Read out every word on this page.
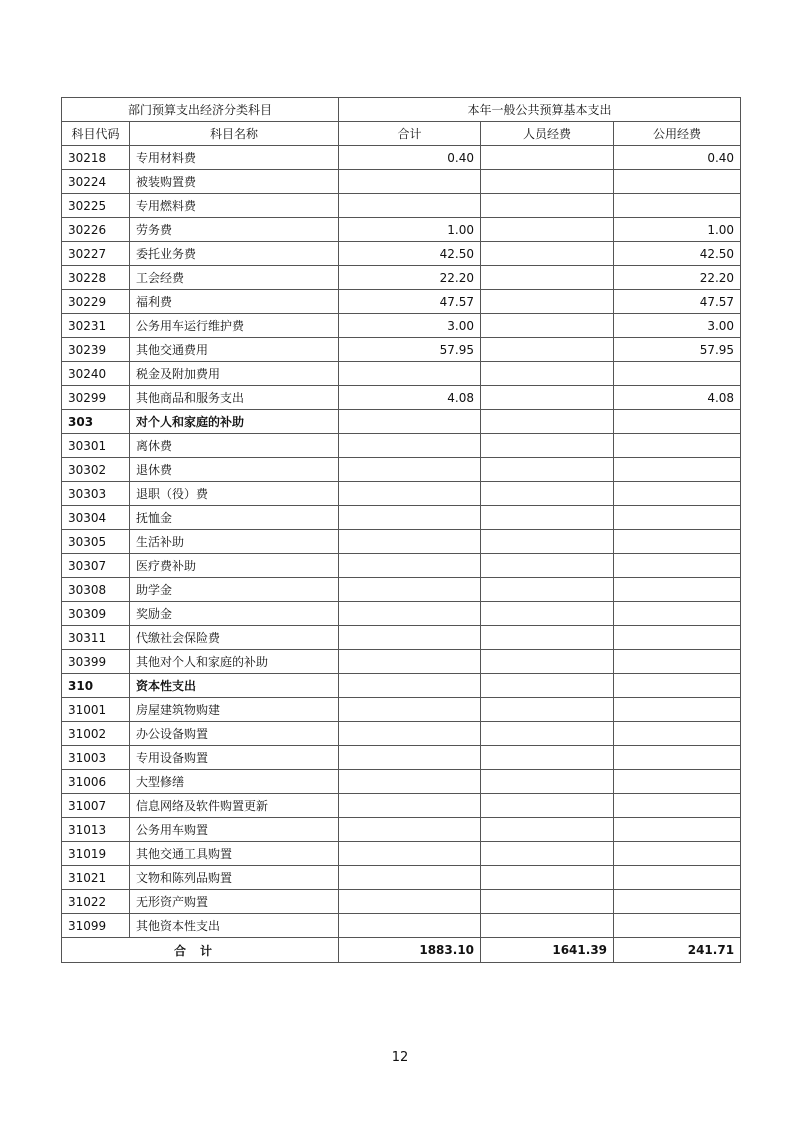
部门预算支出经济分类科目		本年一般公共预算基本支出		
科目代码	科目名称	合计	人员经费	公用经费
30218	专用材料费	0.40		0.40
30224	被装购置费			
30225	专用燃料费			
30226	劳务费	1.00		1.00
30227	委托业务费	42.50		42.50
30228	工会经费	22.20		22.20
30229	福利费	47.57		47.57
30231	公务用车运行维护费	3.00		3.00
30239	其他交通费用	57.95		57.95
30240	税金及附加费用			
30299	其他商品和服务支出	4.08		4.08
303	对个人和家庭的补助			
30301	离休费			
30302	退休费			
30303	退职（役）费			
30304	抚恤金			
30305	生活补助			
30307	医疗费补助			
30308	助学金			
30309	奖励金			
30311	代缴社会保险费			
30399	其他对个人和家庭的补助			
310	资本性支出			
31001	房屋建筑物购建			
31002	办公设备购置			
31003	专用设备购置			
31006	大型修缮			
31007	信息网络及软件购置更新			
31013	公务用车购置			
31019	其他交通工具购置			
31021	文物和陈列品购置			
31022	无形资产购置			
31099	其他资本性支出			
合计		1883.10	1641.39	241.71
12
